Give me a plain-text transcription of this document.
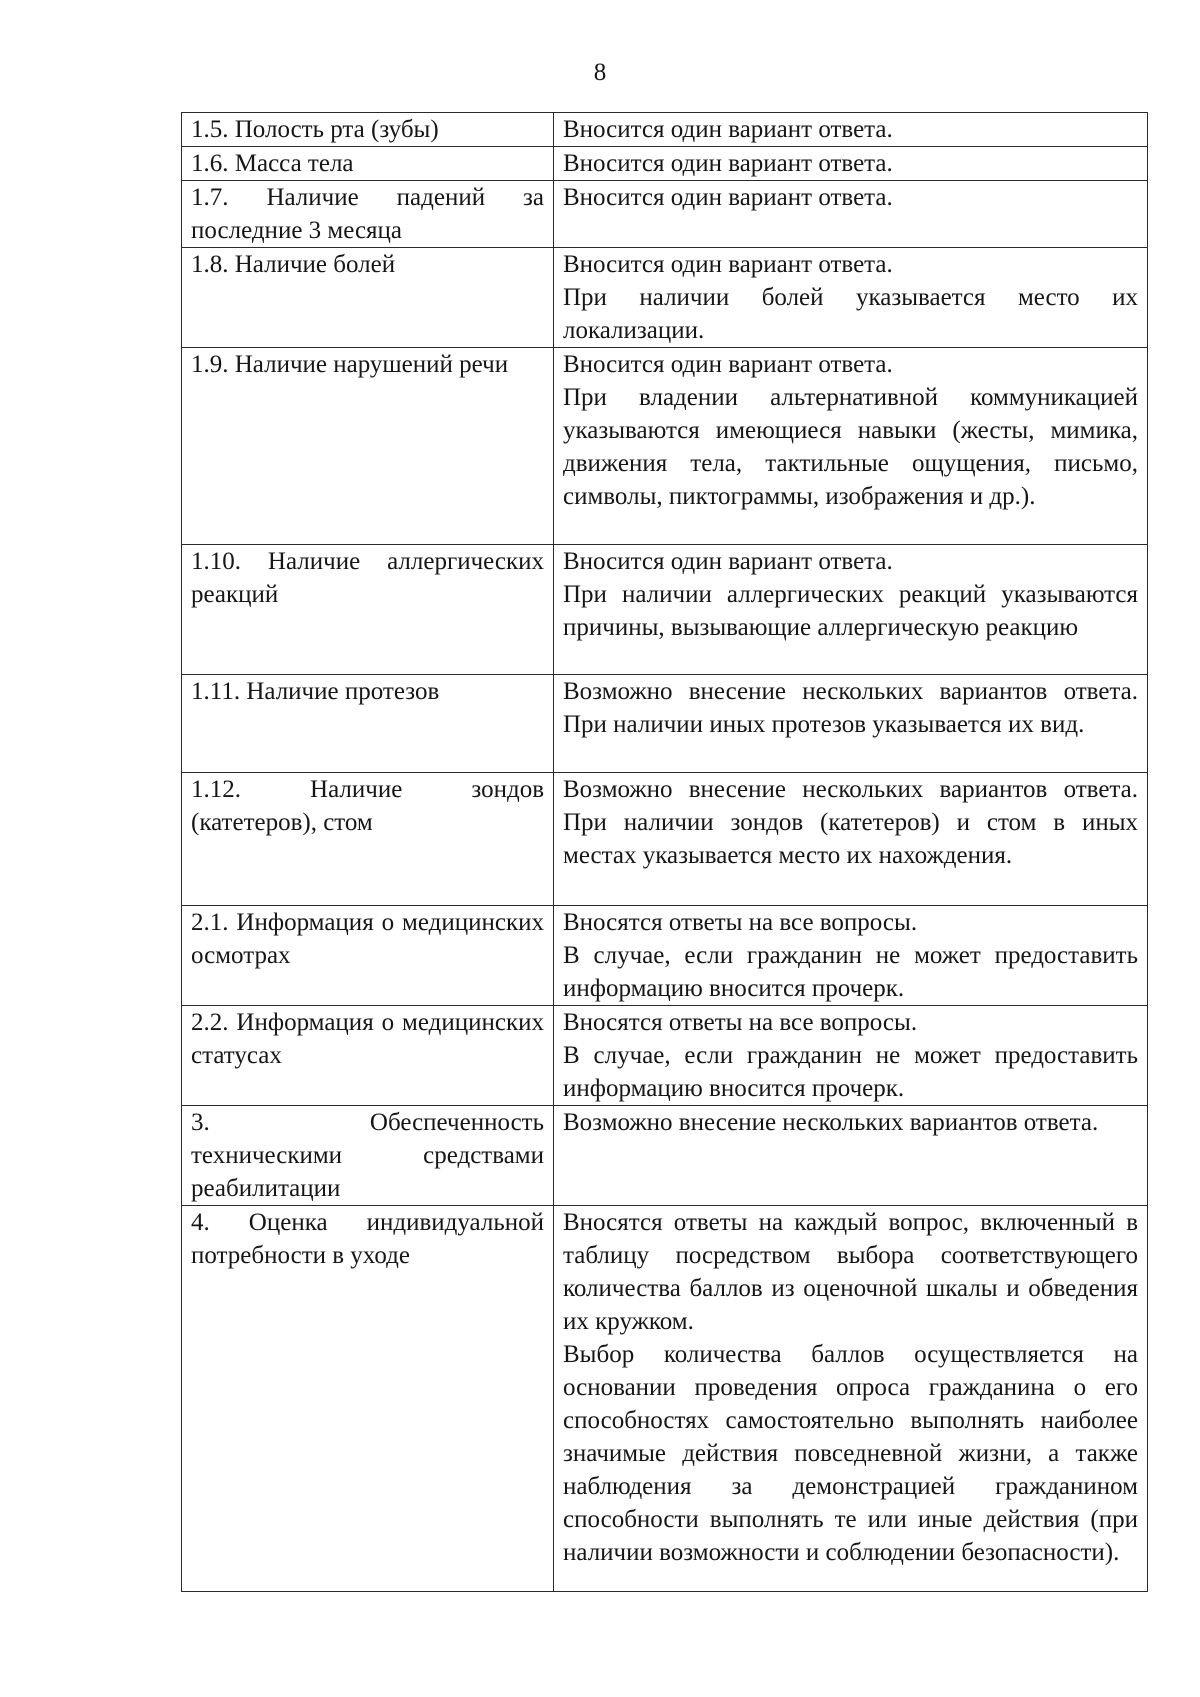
8
1.5. Полость рта (зубы)	Вносится один вариант ответа.

1.6. Масса тела	Вносится один вариант ответа.

1.7. Наличие падений за последние 3 месяца	Вносится один вариант ответа.

1.8. Наличие болей	Вносится один вариант ответа.
При наличии болей указывается место их локализации.

1.9. Наличие нарушений речи	Вносится один вариант ответа.
При владении альтернативной коммуникацией указываются имеющиеся навыки (жесты, мимика, движения тела, тактильные ощущения, письмо, символы, пиктограммы, изображения и др.).

1.10. Наличие аллергических реакций	Вносится один вариант ответа.
При наличии аллергических реакций указываются причины, вызывающие аллергическую реакцию

1.11. Наличие протезов	Возможно внесение нескольких вариантов ответа. При наличии иных протезов указывается их вид.

1.12. Наличие зондов (катетеров), стом	Возможно внесение нескольких вариантов ответа. При наличии зондов (катетеров) и стом в иных местах указывается место их нахождения.

2.1. Информация о медицинских осмотрах	Вносятся ответы на все вопросы.
В случае, если гражданин не может предоставить информацию вносится прочерк.

2.2. Информация о медицинских статусах	Вносятся ответы на все вопросы.
В случае, если гражданин не может предоставить информацию вносится прочерк.

3. Обеспеченность техническими средствами реабилитации	Возможно внесение нескольких вариантов ответа.

4. Оценка индивидуальной потребности в уходе	Вносятся ответы на каждый вопрос, включенный в таблицу посредством выбора соответствующего количества баллов из оценочной шкалы и обведения их кружком.
Выбор количества баллов осуществляется на основании проведения опроса гражданина о его способностях самостоятельно выполнять наиболее значимые действия повседневной жизни, а также наблюдения за демонстрацией гражданином способности выполнять те или иные действия (при наличии возможности и соблюдении безопасности).
